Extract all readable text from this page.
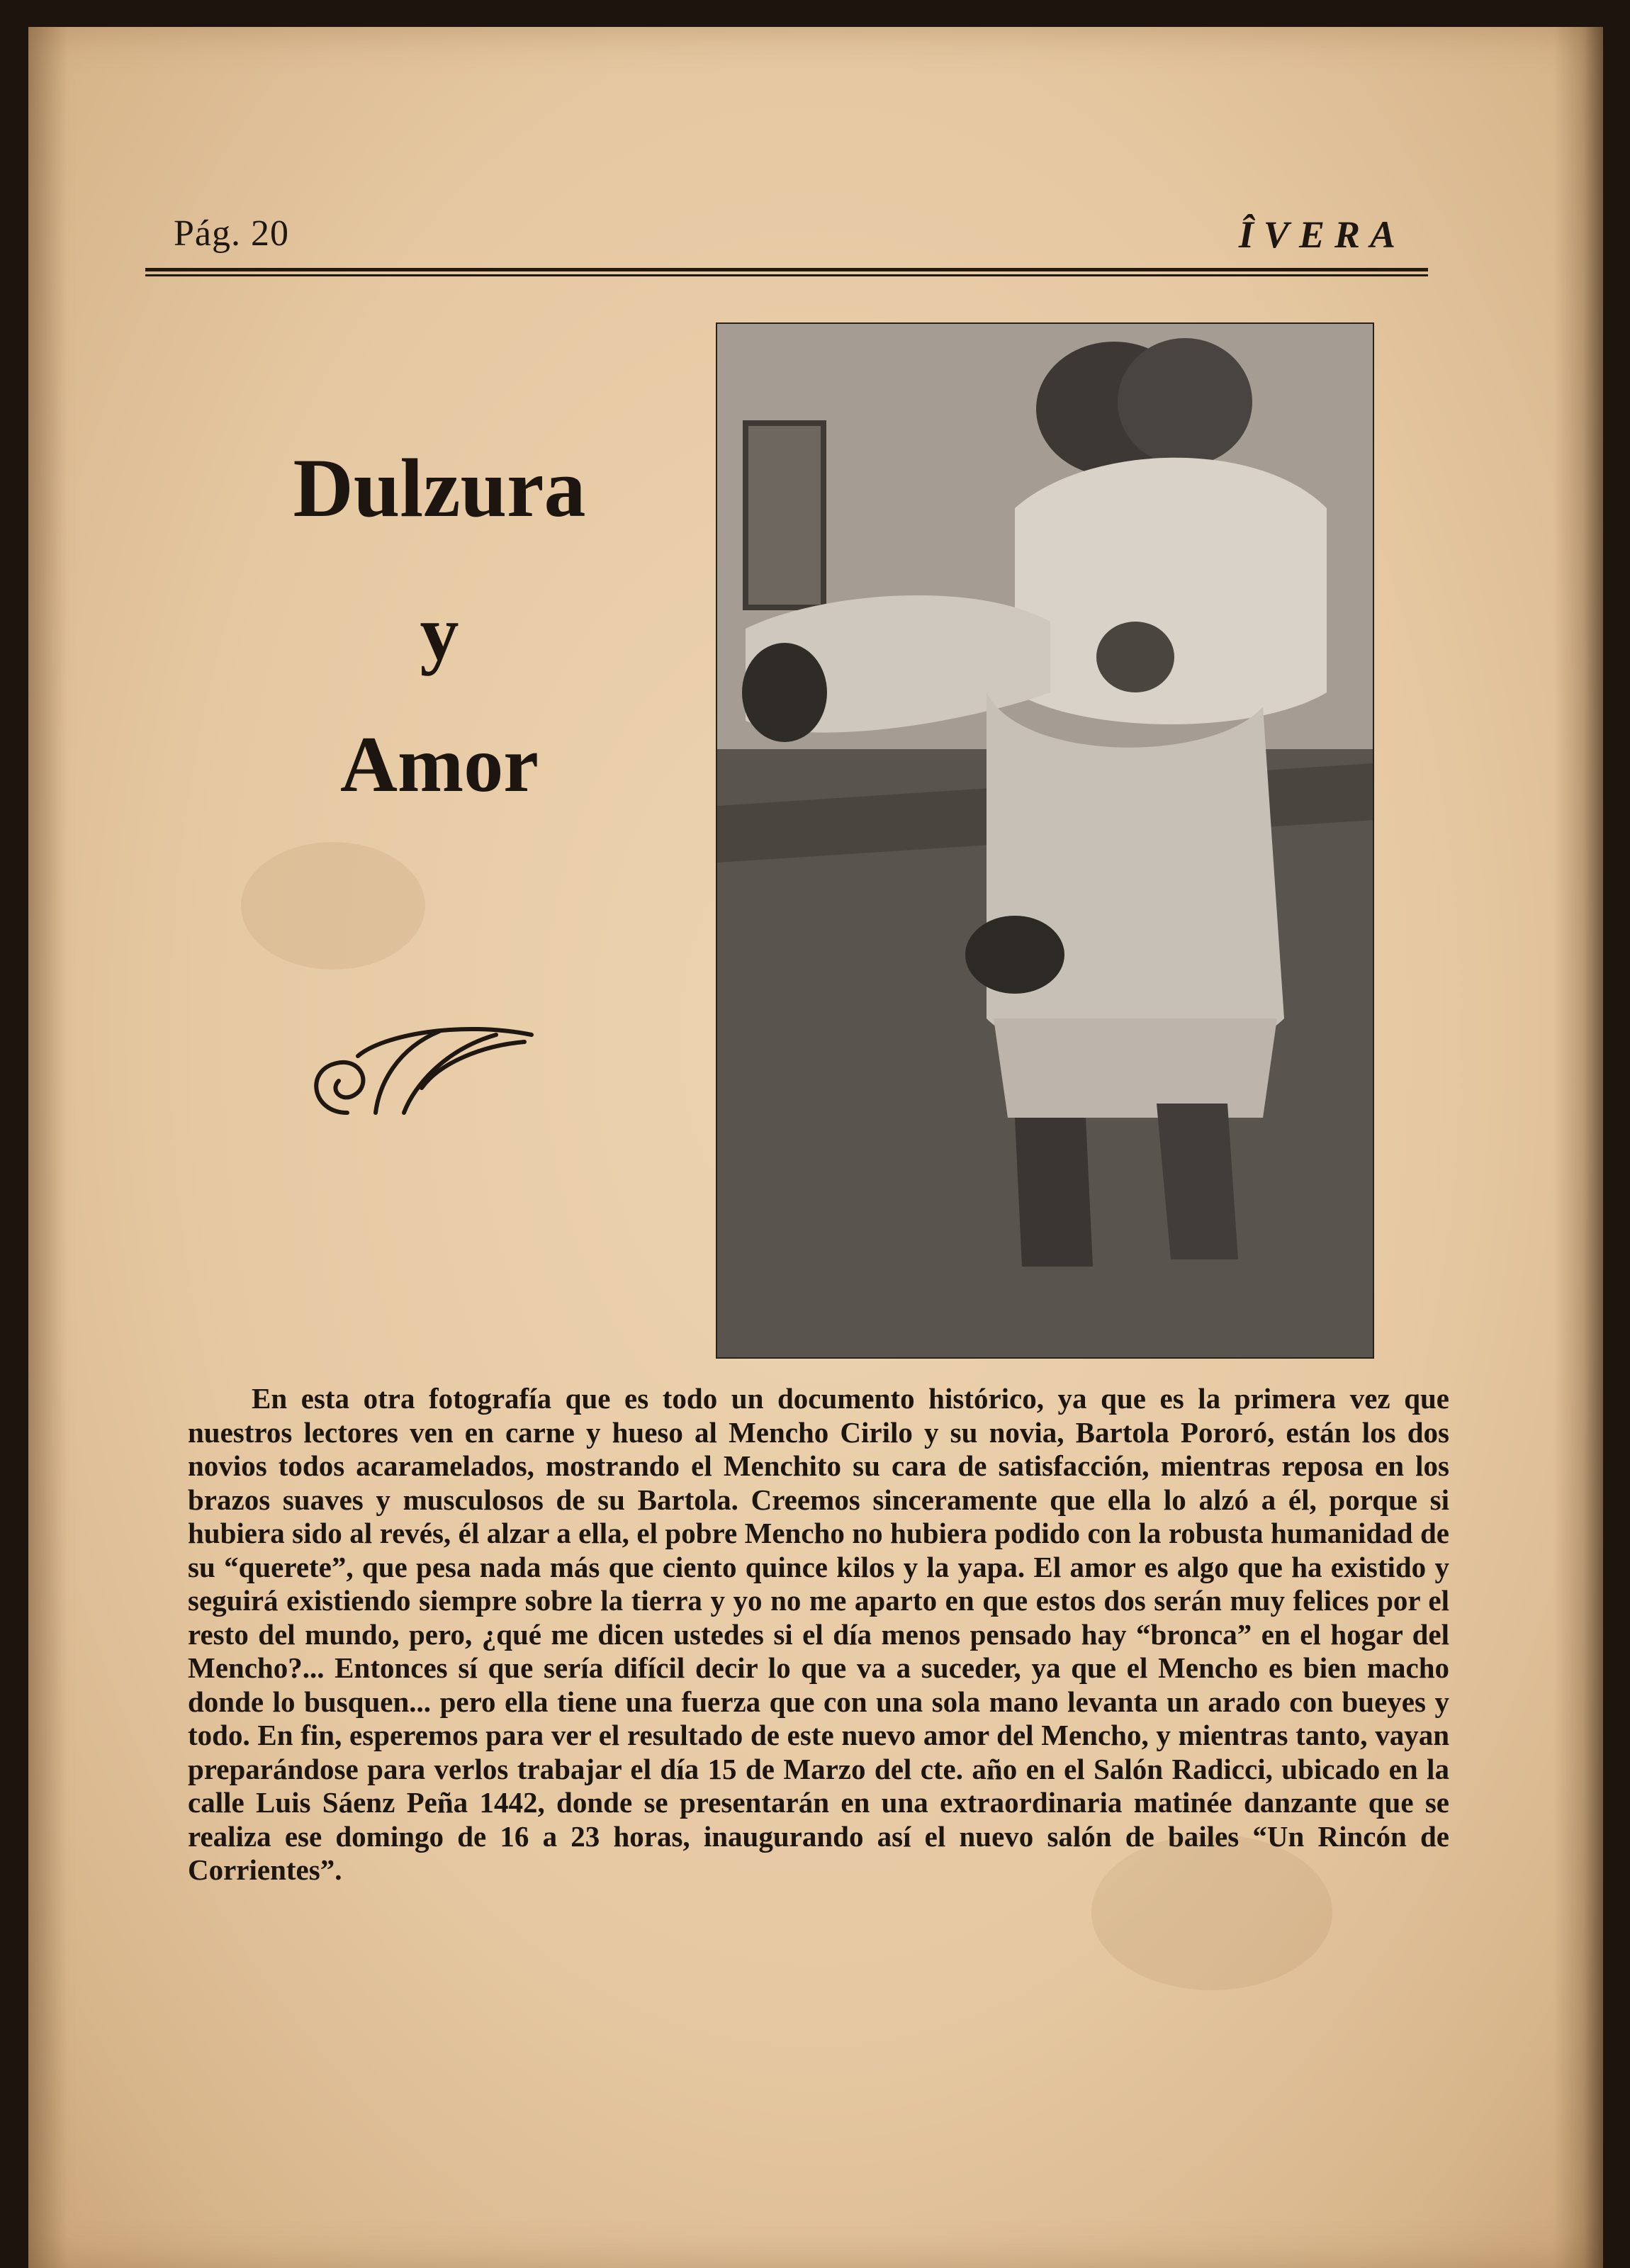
Pág. 20	ÎVERA
Dulzura
y
Amor

En esta otra fotografía que es todo un documento histórico, ya que es la primera vez que nuestros lectores ven en carne y hueso al Mencho Cirilo y su novia, Bartola Pororó, están los dos novios todos acaramelados, mostrando el Menchito su cara de satisfacción, mientras reposa en los brazos suaves y musculosos de su Bartola. Creemos sinceramente que ella lo alzó a él, porque si hubiera sido al revés, él alzar a ella, el pobre Mencho no hubiera podido con la robusta humanidad de su “querete”, que pesa nada más que ciento quince kilos y la yapa. El amor es algo que ha existido y seguirá existiendo siempre sobre la tierra y yo no me aparto en que estos dos serán muy felices por el resto del mundo, pero, ¿qué me dicen ustedes si el día menos pensado hay “bronca” en el hogar del Mencho?... Entonces sí que sería difícil decir lo que va a suceder, ya que el Mencho es bien macho donde lo busquen... pero ella tiene una fuerza que con una sola mano levanta un arado con bueyes y todo. En fin, esperemos para ver el resultado de este nuevo amor del Mencho, y mientras tanto, vayan preparándose para verlos trabajar el día 15 de Marzo del cte. año en el Salón Radicci, ubicado en la calle Luis Sáenz Peña 1442, donde se presentarán en una extraordinaria matinée danzante que se realiza ese domingo de 16 a 23 horas, inaugurando así el nuevo salón de bailes “Un Rincón de Corrientes”.
